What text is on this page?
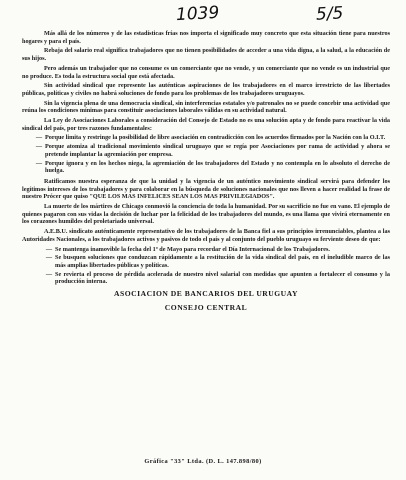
1039	5/5

Más allá de los números y de las estadísticas frías nos importa el significado muy concreto que esta situación tiene para nuestros hogares y para el país.

Rebaja del salario real significa trabajadores que no tienen posibilidades de acceder a una vida digna, a la salud, a la educación de sus hijos.

Pero además un trabajador que no consume es un comerciante que no vende, y un comerciante que no vende es un industrial que no produce. Es toda la estructura social que está afectada.

Sin actividad sindical que represente las auténticas aspiraciones de los trabajadores en el marco irrestricto de las libertades públicas, políticas y civiles no habrá soluciones de fondo para los problemas de los trabajadores uruguayos.

Sin la vigencia plena de una democracia sindical, sin interferencias estatales y/o patronales no se puede concebir una actividad que reúna los condiciones mínimas para constituir asociaciones laborales válidas en su actividad natural.

La Ley de Asociaciones Laborales a consideración del Consejo de Estado no es una solución apta y de fondo para reactivar la vida sindical del país, por tres razones fundamentales:

— Porque limita y restringe la posibilidad de libre asociación en contradicción con los acuerdos firmados por la Nación con la O.I.T.
— Porque atomiza al tradicional movimiento sindical uruguayo que se regía por Asociaciones por rama de actividad y ahora se pretende implantar la agremiación por empresa.
— Porque ignora y en los hechos niega, la agremiación de los trabajadores del Estado y no contempla en lo absoluto el derecho de huelga.

Ratificamos nuestra esperanza de que la unidad y la vigencia de un auténtico movimiento sindical servirá para defender los legítimos intereses de los trabajadores y para colaborar en la búsqueda de soluciones nacionales que nos lleven a hacer realidad la frase de nuestro Prócer que quiso "QUE LOS MAS INFELICES SEAN LOS MAS PRIVILEGIADOS".

La muerte de los mártires de Chicago conmovió la conciencia de toda la humanidad. Por su sacrificio no fue en vano. El ejemplo de quienes pagaron con sus vidas la decisión de luchar por la felicidad de los trabajadores del mundo, es una llama que vivirá eternamente en los corazones humildes del proletariado universal.

A.E.B.U. sindicato auténticamente representativo de los trabajadores de la Banca fiel a sus principios irrenunciables, plantea a las Autoridades Nacionales, a los trabajadores activos y pasivos de todo el país y al conjunto del pueblo uruguayo su ferviente deseo de que:

— Se mantenga inamovible la fecha del 1º de Mayo para recordar el Día Internacional de los Trabajadores.
— Se busquen soluciones que conduzcan rápidamente a la restitución de la vida sindical del país, en el ineludible marco de las más amplias libertades públicas y políticas.
— Se revierta el proceso de pérdida acelerada de nuestro nivel salarial con medidas que apunten a fortalecer el consumo y la producción interna.
ASOCIACION DE BANCARIOS DEL URUGUAY
CONSEJO CENTRAL
Gráfica "33" Ltda. (D. L. 147.898/80)
